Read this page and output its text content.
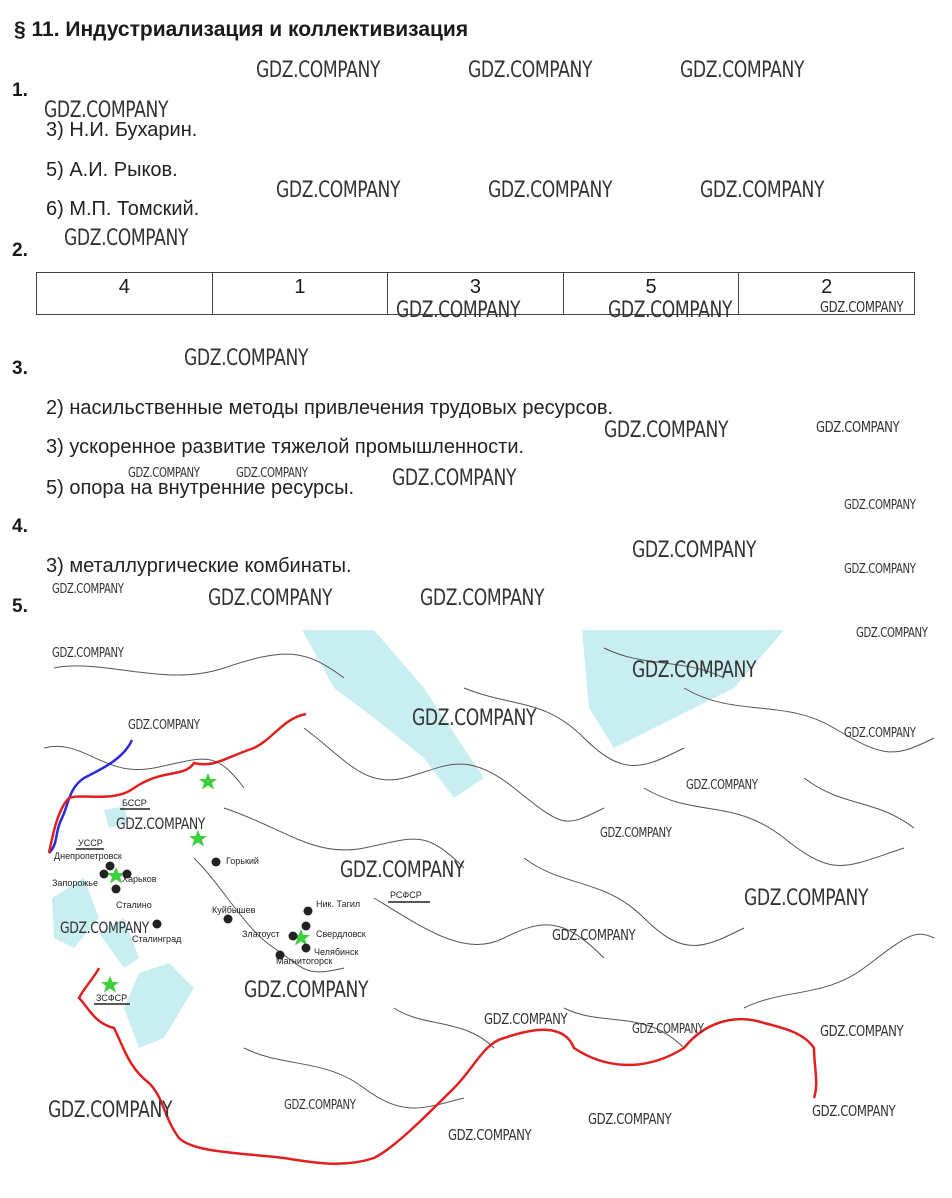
§ 11. Индустриализация и коллективизация
1.
3) Н.И. Бухарин.
5) А.И. Рыков.
6) М.П. Томский.
2.
4	1	3	5	2
3.
2) насильственные методы привлечения трудовых ресурсов.
3) ускоренное развитие тяжелой промышленности.
5) опора на внутренние ресурсы.
4.
3) металлургические комбинаты.
5.
БССР
УССР
РСФСР
ЗСФСР
Днепропетровск
Харьков
Запорожье
Сталино
Горький
Куйбышев
Сталинград
Ник. Тагил
Свердловск
Златоуст
Челябинск
Магнитогорск
GDZ.COMPANY	GDZ.COMPANY	GDZ.COMPANY
GDZ.COMPANY
GDZ.COMPANY	GDZ.COMPANY	GDZ.COMPANY
GDZ.COMPANY
GDZ.COMPANY	GDZ.COMPANY	GDZ.COMPANY
GDZ.COMPANY
GDZ.COMPANY	GDZ.COMPANY
GDZ.COMPANY	GDZ.COMPANY	GDZ.COMPANY
GDZ.COMPANY
GDZ.COMPANY
GDZ.COMPANY
GDZ.COMPANY	GDZ.COMPANY	GDZ.COMPANY
GDZ.COMPANY
GDZ.COMPANY
GDZ.COMPANY
GDZ.COMPANY
GDZ.COMPANY
GDZ.COMPANY
GDZ.COMPANY
GDZ.COMPANY
GDZ.COMPANY
GDZ.COMPANY
GDZ.COMPANY
GDZ.COMPANY	GDZ.COMPANY
GDZ.COMPANY
GDZ.COMPANY
GDZ.COMPANY	GDZ.COMPANY
GDZ.COMPANY	GDZ.COMPANY
GDZ.COMPANY	GDZ.COMPANY
GDZ.COMPANY
